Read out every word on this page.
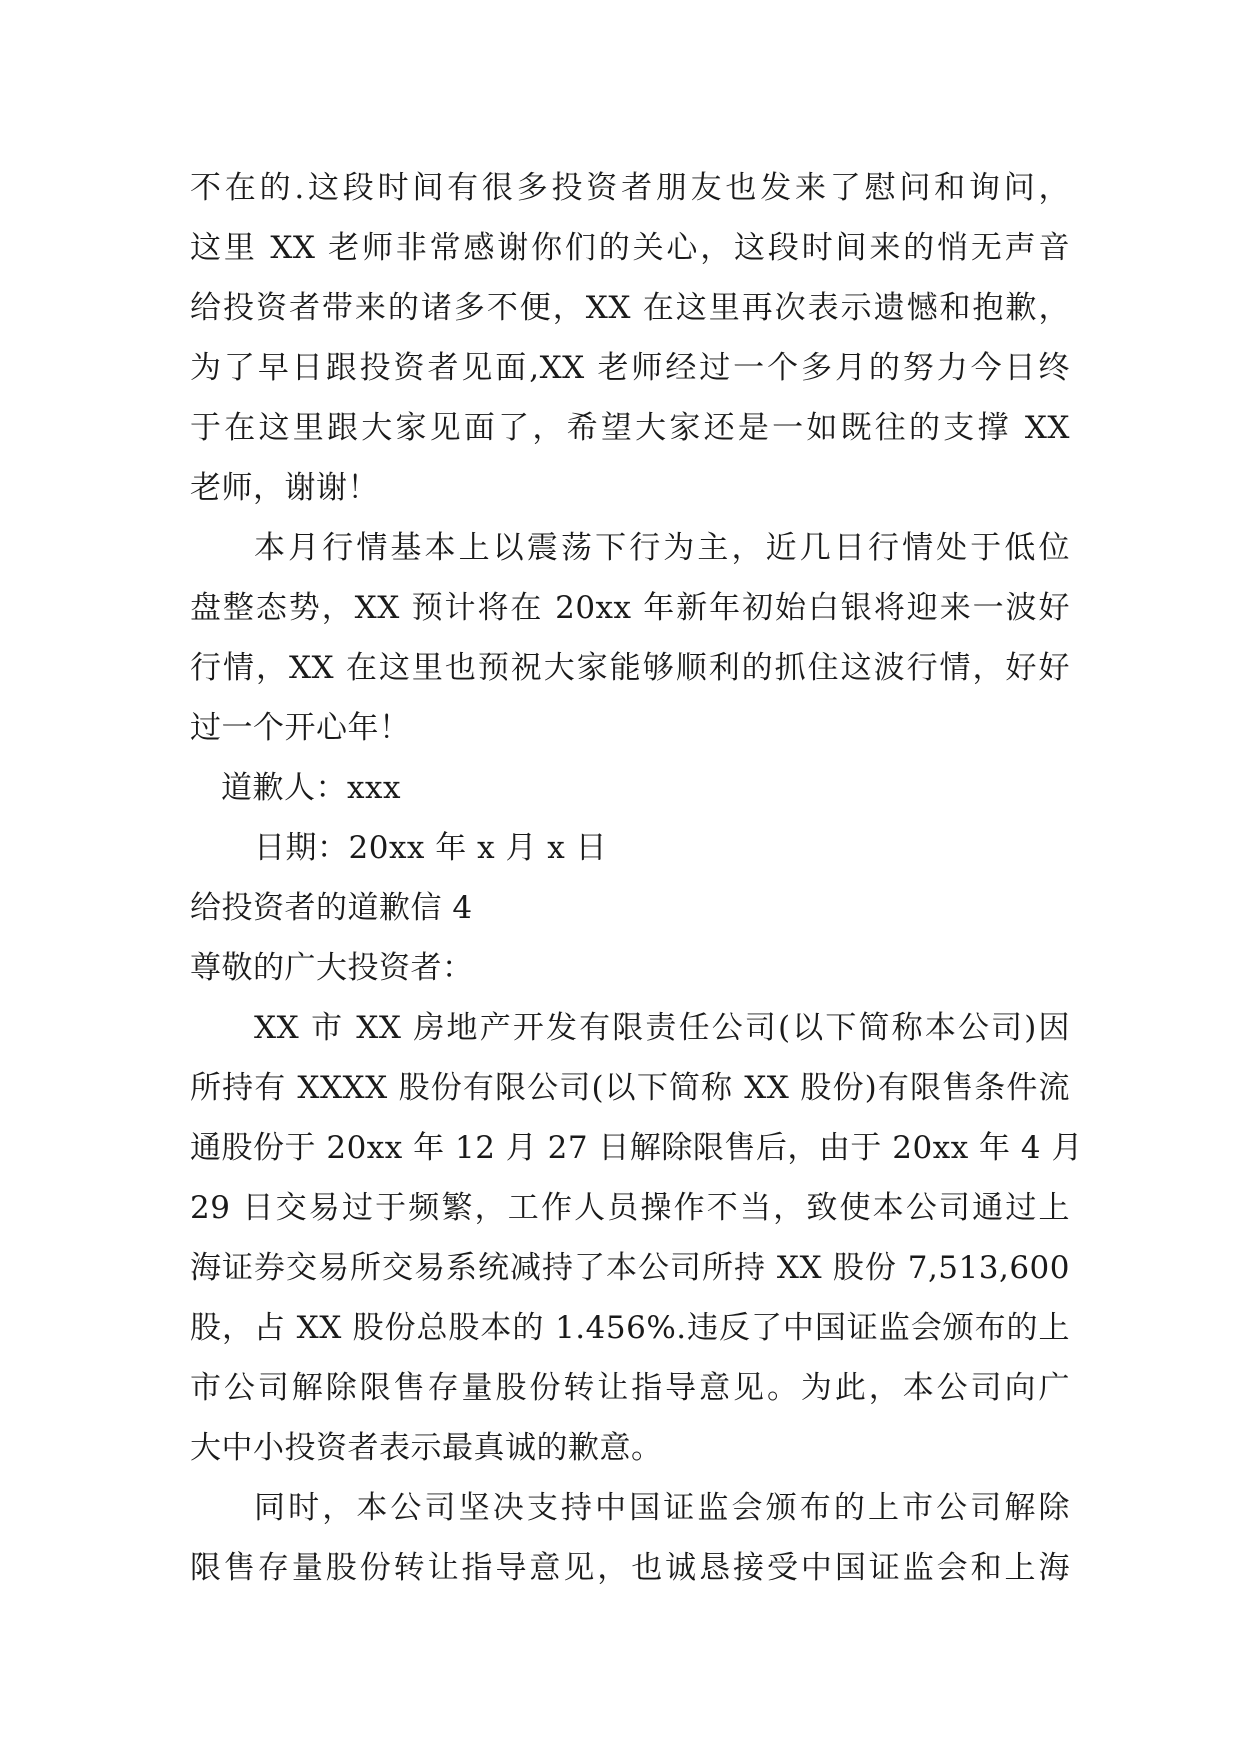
不在的.这段时间有很多投资者朋友也发来了慰问和询问，
这里 XX 老师非常感谢你们的关心，这段时间来的悄无声音
给投资者带来的诸多不便，XX 在这里再次表示遗憾和抱歉，
为了早日跟投资者见面,XX 老师经过一个多月的努力今日终
于在这里跟大家见面了，希望大家还是一如既往的支撑 XX
老师，谢谢！
本月行情基本上以震荡下行为主，近几日行情处于低位
盘整态势，XX 预计将在 20xx 年新年初始白银将迎来一波好
行情，XX 在这里也预祝大家能够顺利的抓住这波行情，好好
过一个开心年！
道歉人：xxx
日期：20xx 年 x 月 x 日
给投资者的道歉信 4
尊敬的广大投资者：
XX 市 XX 房地产开发有限责任公司(以下简称本公司)因
所持有 XXXX 股份有限公司(以下简称 XX 股份)有限售条件流
通股份于 20xx 年 12 月 27 日解除限售后，由于 20xx 年 4 月
29 日交易过于频繁，工作人员操作不当，致使本公司通过上
海证券交易所交易系统减持了本公司所持 XX 股份 7,513,600
股，占 XX 股份总股本的 1.456%.违反了中国证监会颁布的上
市公司解除限售存量股份转让指导意见。为此，本公司向广
大中小投资者表示最真诚的歉意。
同时，本公司坚决支持中国证监会颁布的上市公司解除
限售存量股份转让指导意见，也诚恳接受中国证监会和上海
